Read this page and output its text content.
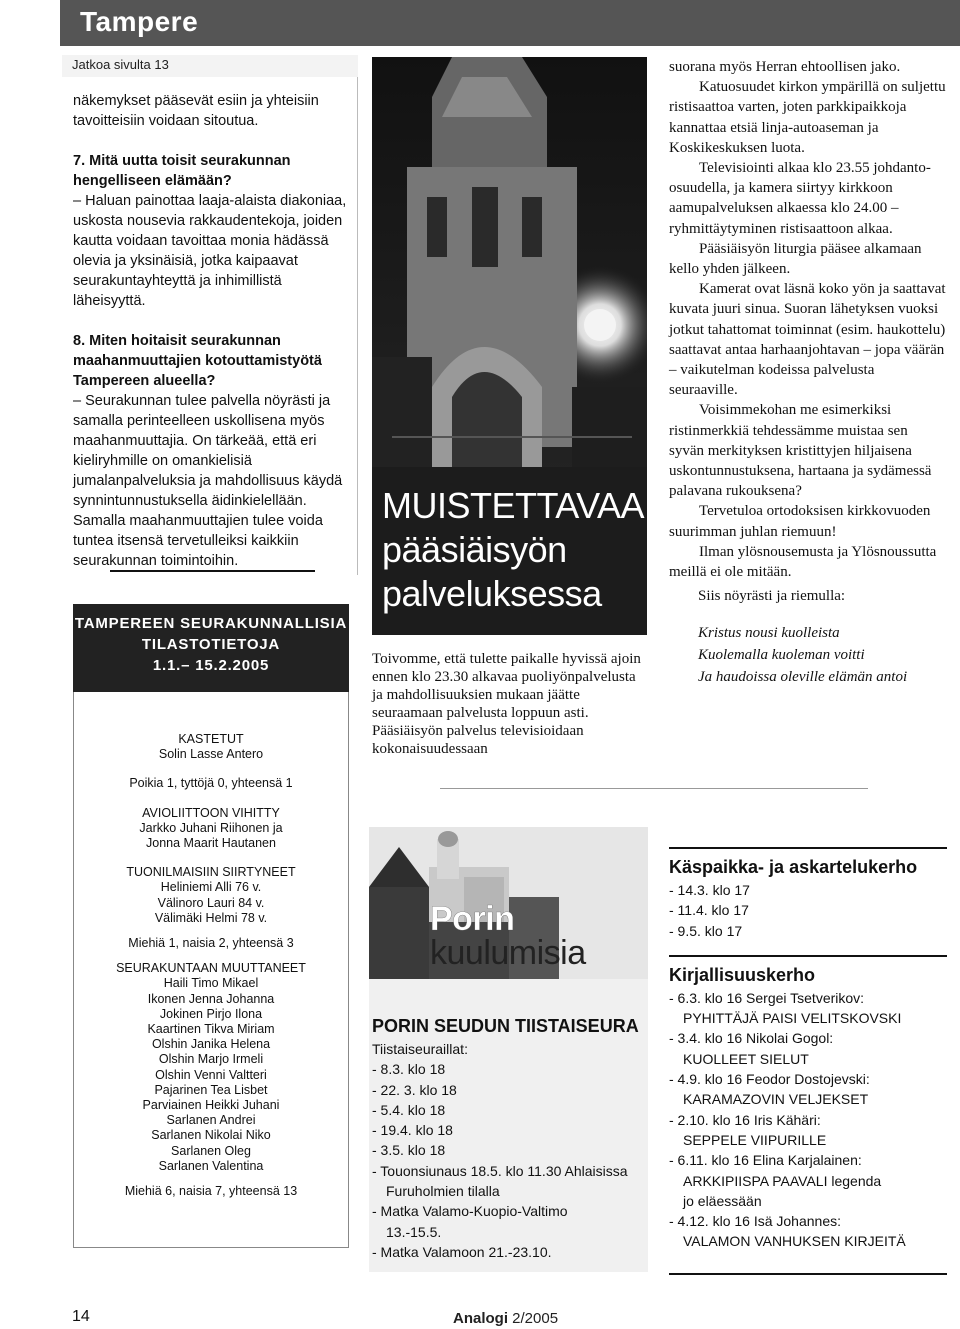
Tampere
Jatkoa sivulta 13

näkemykset pääsevät esiin ja yhteisiin tavoitteisiin voidaan sitoutua.

7. Mitä uutta toisit seurakunnan hengelliseen elämään?

– Haluan painottaa laaja-alaista diakoniaa, uskosta nousevia rakkaudentekoja, joiden kautta voidaan tavoittaa monia hädässä olevia ja yksinäisiä, jotka kaipaavat seurakuntayhteyttä ja inhimillistä läheisyyttä.

8. Miten hoitaisit seurakunnan maahanmuuttajien kotouttamistyötä Tampereen alueella?

– Seurakunnan tulee palvella nöyrästi ja samalla perinteelleen uskollisena myös maahanmuuttajia. On tärkeää, että eri kieliryhmille on omankielisiä jumalanpalveluksia ja mahdollisuus käydä synnintunnustuksella äidinkielellään. Samalla maahanmuuttajien tulee voida tuntea itsensä tervetulleiksi kaikkiin seurakunnan toimintoihin.

TAMPEREEN SEURAKUNNALLISIA
TILASTOTIETOJA
1.1.– 15.2.2005
KASTETUT
Solin Lasse Antero
Poikia 1, tyttöjä 0, yhteensä 1
AVIOLIITTOON VIHITTY
Jarkko Juhani Riihonen ja
Jonna Maarit Hautanen
TUONILMAISIIN SIIRTYNEET
Heliniemi Alli 76 v.
Välinoro Lauri 84 v.
Välimäki Helmi 78 v.
Miehiä 1, naisia 2, yhteensä 3
SEURAKUNTAAN MUUTTANEET
Haili Timo Mikael
Ikonen Jenna Johanna
Jokinen Pirjo Ilona
Kaartinen Tikva Miriam
Olshin Janika Helena
Olshin Marjo Irmeli
Olshin Venni Valtteri
Pajarinen Tea Lisbet
Parviainen Heikki Juhani
Sarlanen Andrei
Sarlanen Nikolai Niko
Sarlanen Oleg
Sarlanen Valentina
Miehiä 6, naisia 7, yhteensä 13
MUISTETTAVAA
pääsiäisyön
palveluksessa
Toivomme, että tulette paikalle hyvissä ajoin ennen klo 23.30 alkavaa puoliyönpalvelusta ja mahdollisuuksien mukaan jäätte seuraamaan palvelusta loppuun asti. Pääsiäisyön palvelus televisioidaan kokonaisuudessaan

suorana myös Herran ehtoollisen jako.

Katuosuudet kirkon ympärillä on suljettu ristisaattoa varten, joten parkkipaikkoja kannattaa etsiä linja-autoaseman ja Koskikeskuksen luota.

Televisiointi alkaa klo 23.55 johdanto-osuudella, ja kamera siirtyy kirkkoon aamupalveluksen alkaessa klo 24.00 – ryhmittäytyminen ristisaattoon alkaa.

Pääsiäisyön liturgia pääsee alkamaan kello yhden jälkeen.

Kamerat ovat läsnä koko yön ja saattavat kuvata juuri sinua. Suoran lähetyksen vuoksi jotkut tahattomat toiminnat (esim. haukottelu) saattavat antaa harhaanjohtavan – jopa väärän – vaikutelman kodeissa palvelusta seuraaville.

Voisimmekohan me esimerkiksi ristinmerkkiä tehdessämme muistaa sen syvän merkityksen kristittyjen hiljaisena uskontunnustuksena, hartaana ja sydämessä palavana rukouksena?

Tervetuloa ortodoksisen kirkkovuoden suurimman juhlan riemuun!

Ilman ylösnousemusta ja Ylösnoussutta meillä ei ole mitään.

Siis nöyrästi ja riemulla:

Kristus nousi kuolleista
Kuolemalla kuoleman voitti
Ja haudoissa oleville elämän antoi
Porin
kuulumisia
PORIN SEUDUN TIISTAISEURA
Tiistaiseuraillat:
- 8.3. klo 18
- 22. 3. klo 18
- 5.4. klo 18
- 19.4. klo 18
- 3.5. klo 18
- Touonsiunaus 18.5. klo 11.30 Ahlaisissa
Furuholmien tilalla
- Matka Valamo-Kuopio-Valtimo
13.-15.5.
- Matka Valamoon 21.-23.10.
Käspaikka- ja askartelukerho
- 14.3. klo 17
- 11.4. klo 17
- 9.5. klo 17
Kirjallisuuskerho
- 6.3. klo 16 Sergei Tsetverikov:
PYHITTÄJÄ PAISI VELITSKOVSKI
- 3.4. klo 16 Nikolai Gogol:
KUOLLEET SIELUT
- 4.9. klo 16 Feodor Dostojevski:
KARAMAZOVIN VELJEKSET
- 2.10. klo 16 Iris Kähäri:
SEPPELE VIIPURILLE
- 6.11. klo 16 Elina Karjalainen:
ARKKIPIISPA PAAVALI legenda
jo eläessään
- 4.12. klo 16 Isä Johannes:
VALAMON VANHUKSEN KIRJEITÄ
14	Analogi 2/2005
